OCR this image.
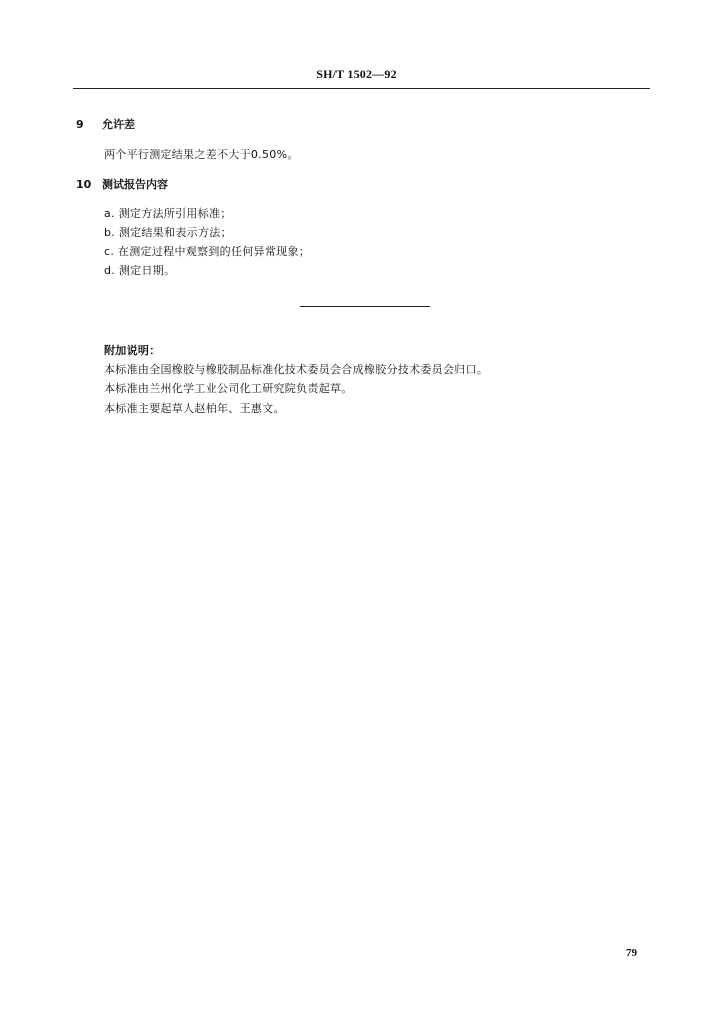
SH/T 1502—92
9 允许差
两个平行测定结果之差不大于0.50%。
10 测试报告内容
a. 测定方法所引用标准；
b. 测定结果和表示方法；
c. 在测定过程中观察到的任何异常现象；
d. 测定日期。
附加说明：
本标准由全国橡胶与橡胶制品标准化技术委员会合成橡胶分技术委员会归口。
本标准由兰州化学工业公司化工研究院负责起草。
本标准主要起草人赵柏年、王惠文。
79
